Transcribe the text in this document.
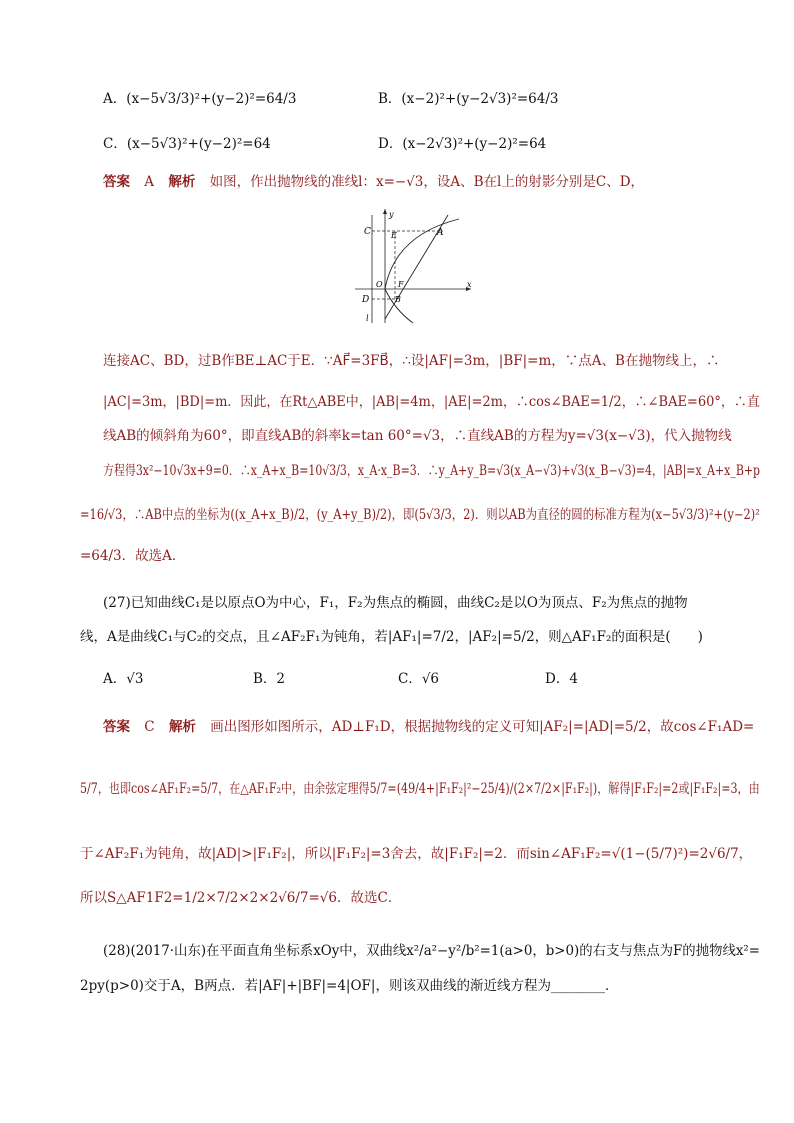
A．(x−5√3/3)²+(y−2)²=64/3	B．(x−2)²+(y−2√3)²=64/3
C．(x−5√3)²+(y−2)²=64	D．(x−2√3)²+(y−2)²=64
答案 A 解析 如图，作出抛物线的准线l：x=−√3，设A、B在l上的射影分别是C、D，
C	E	A
y
O F
D	B
x
l
连接AC、BD，过B作BE⊥AC于E．∵AF⃗=3FB⃗，∴设|AF|=3m，|BF|=m，∵点A、B在抛物线上，∴
|AC|=3m，|BD|=m．因此，在Rt△ABE中，|AB|=4m，|AE|=2m，∴cos∠BAE=1/2，∴∠BAE=60°，∴直
线AB的倾斜角为60°，即直线AB的斜率k=tan 60°=√3，∴直线AB的方程为y=√3(x−√3)，代入抛物线
方程得3x²−10√3x+9=0．∴x_A+x_B=10√3/3，x_A·x_B=3．∴y_A+y_B=√3(x_A−√3)+√3(x_B−√3)=4，|AB|=x_A+x_B+p
=16/√3，∴AB中点的坐标为((x_A+x_B)/2，(y_A+y_B)/2)，即(5√3/3，2)．则以AB为直径的圆的标准方程为(x−5√3/3)²+(y−2)²
=64/3．故选A．
(27)已知曲线C₁是以原点O为中心，F₁，F₂为焦点的椭圆，曲线C₂是以O为顶点、F₂为焦点的抛物
线，A是曲线C₁与C₂的交点，且∠AF₂F₁为钝角，若|AF₁|=7/2，|AF₂|=5/2，则△AF₁F₂的面积是(　　)
A．√3	B．2	C．√6	D．4
答案 C 解析 画出图形如图所示，AD⊥F₁D，根据抛物线的定义可知|AF₂|=|AD|=5/2，故cos∠F₁AD=
5/7，也即cos∠AF₁F₂=5/7，在△AF₁F₂中，由余弦定理得5/7=(49/4+|F₁F₂|²−25/4)/(2×7/2×|F₁F₂|)，解得|F₁F₂|=2或|F₁F₂|=3，由
于∠AF₂F₁为钝角，故|AD|>|F₁F₂|，所以|F₁F₂|=3舍去，故|F₁F₂|=2．而sin∠AF₁F₂=√(1−(5/7)²)=2√6/7，
所以S△AF1F2=1/2×7/2×2×2√6/7=√6．故选C．
(28)(2017·山东)在平面直角坐标系xOy中，双曲线x²/a²−y²/b²=1(a>0，b>0)的右支与焦点为F的抛物线x²=
2py(p>0)交于A，B两点．若|AF|+|BF|=4|OF|，则该双曲线的渐近线方程为________．
